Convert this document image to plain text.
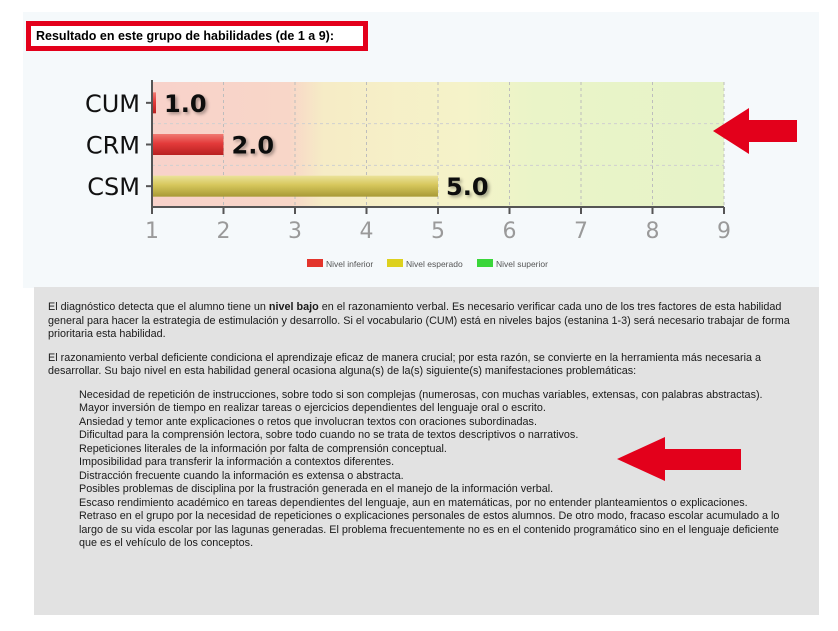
1.0
2.0
5.0
1	2	3	4	5	6	7	8	9
CUM
CRM
CSM
Nivel inferior	Nivel esperado	Nivel superior
Resultado en este grupo de habilidades (de 1 a 9):

El diagnóstico detecta que el alumno tiene un nivel bajo en el razonamiento verbal. Es necesario verificar cada uno de los tres factores de esta habilidad general para hacer la estrategia de estimulación y desarrollo. Si el vocabulario (CUM) está en niveles bajos (estanina 1-3) será necesario trabajar de forma prioritaria esta habilidad.

El razonamiento verbal deficiente condiciona el aprendizaje eficaz de manera crucial; por esta razón, se convierte en la herramienta más necesaria a desarrollar. Su bajo nivel en esta habilidad general ocasiona alguna(s) de la(s) siguiente(s) manifestaciones problemáticas:

Necesidad de repetición de instrucciones, sobre todo si son complejas (numerosas, con muchas variables, extensas, con palabras abstractas).
Mayor inversión de tiempo en realizar tareas o ejercicios dependientes del lenguaje oral o escrito.
Ansiedad y temor ante explicaciones o retos que involucran textos con oraciones subordinadas.
Dificultad para la comprensión lectora, sobre todo cuando no se trata de textos descriptivos o narrativos.
Repeticiones literales de la información por falta de comprensión conceptual.
Imposibilidad para transferir la información a contextos diferentes.
Distracción frecuente cuando la información es extensa o abstracta.
Posibles problemas de disciplina por la frustración generada en el manejo de la información verbal.
Escaso rendimiento académico en tareas dependientes del lenguaje, aun en matemáticas, por no entender planteamientos o explicaciones.
Retraso en el grupo por la necesidad de repeticiones o explicaciones personales de estos alumnos. De otro modo, fracaso escolar acumulado a lo largo de su vida escolar por las lagunas generadas. El problema frecuentemente no es en el contenido programático sino en el lenguaje deficiente que es el vehículo de los conceptos.
